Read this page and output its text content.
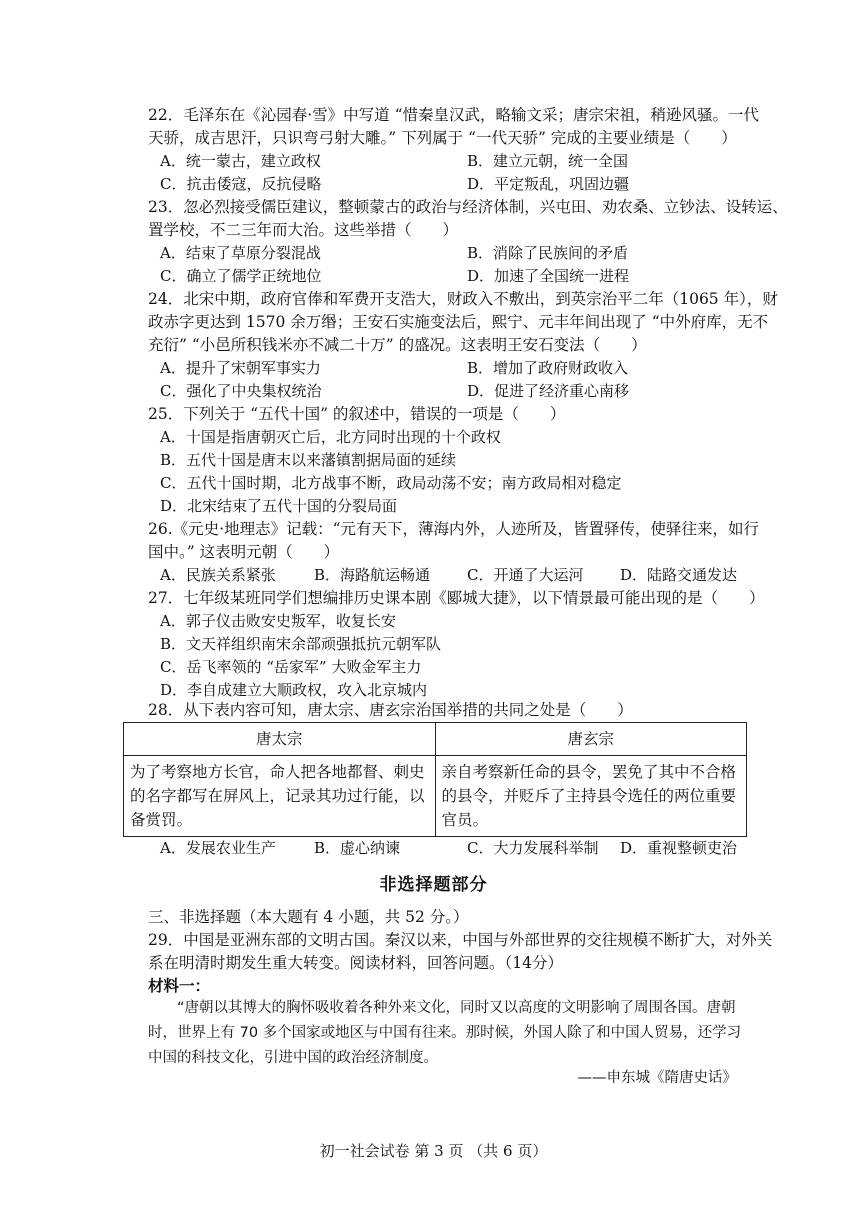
22．毛泽东在《沁园春·雪》中写道 “惜秦皇汉武，略输文采；唐宗宋祖，稍逊风骚。一代
天骄，成吉思汗，只识弯弓射大雕。” 下列属于 “一代天骄” 完成的主要业绩是（　　）
A．统一蒙古，建立政权	B．建立元朝，统一全国
C．抗击倭寇，反抗侵略	D．平定叛乱，巩固边疆
23．忽必烈接受儒臣建议，整顿蒙古的政治与经济体制，兴屯田、劝农桑、立钞法、设转运、
置学校，不二三年而大治。这些举措（　　）
A．结束了草原分裂混战	B．消除了民族间的矛盾
C．确立了儒学正统地位	D．加速了全国统一进程
24．北宋中期，政府官俸和军费开支浩大，财政入不敷出，到英宗治平二年（1065 年），财
政赤字更达到 1570 余万缗；王安石实施变法后，熙宁、元丰年间出现了 “中外府库，无不
充衍” “小邑所积钱米亦不减二十万” 的盛况。这表明王安石变法（　　）
A．提升了宋朝军事实力	B．增加了政府财政收入
C．强化了中央集权统治	D．促进了经济重心南移
25．下列关于 “五代十国” 的叙述中，错误的一项是（　　）
A．十国是指唐朝灭亡后，北方同时出现的十个政权
B．五代十国是唐末以来藩镇割据局面的延续
C．五代十国时期，北方战事不断，政局动荡不安；南方政局相对稳定
D．北宋结束了五代十国的分裂局面
26.《元史·地理志》记载：“元有天下，薄海内外，人迹所及，皆置驿传，使驿往来，如行
国中。” 这表明元朝（　　）
A．民族关系紧张	B．海路航运畅通 C．开通了大运河 D．陆路交通发达
27．七年级某班同学们想编排历史课本剧《郾城大捷》，以下情景最可能出现的是（　　）
A．郭子仪击败安史叛军，收复长安
B．文天祥组织南宋余部顽强抵抗元朝军队
C．岳飞率领的 “岳家军” 大败金军主力
D．李自成建立大顺政权，攻入北京城内
28．从下表内容可知，唐太宗、唐玄宗治国举措的共同之处是（　　）
唐太宗	唐玄宗
为了考察地方长官，命人把各地都督、刺史的名字都写在屏风上，记录其功过行能，以备赏罚。	亲自考察新任命的县令，罢免了其中不合格的县令，并贬斥了主持县令选任的两位重要官员。
A．发展农业生产	B．虚心纳谏	C．大力发展科举制 D．重视整顿吏治
非选择题部分
三、非选择题（本大题有 4 小题，共 52 分。）
29．中国是亚洲东部的文明古国。秦汉以来，中国与外部世界的交往规模不断扩大，对外关
系在明清时期发生重大转变。阅读材料，回答问题。（14分）
材料一：
“唐朝以其博大的胸怀吸收着各种外来文化，同时又以高度的文明影响了周围各国。唐朝时，世界上有 70 多个国家或地区与中国有往来。那时候，外国人除了和中国人贸易，还学习中国的科技文化，引进中国的政治经济制度。
——申东城《隋唐史话》
初一社会试卷 第 3 页 （共 6 页）
